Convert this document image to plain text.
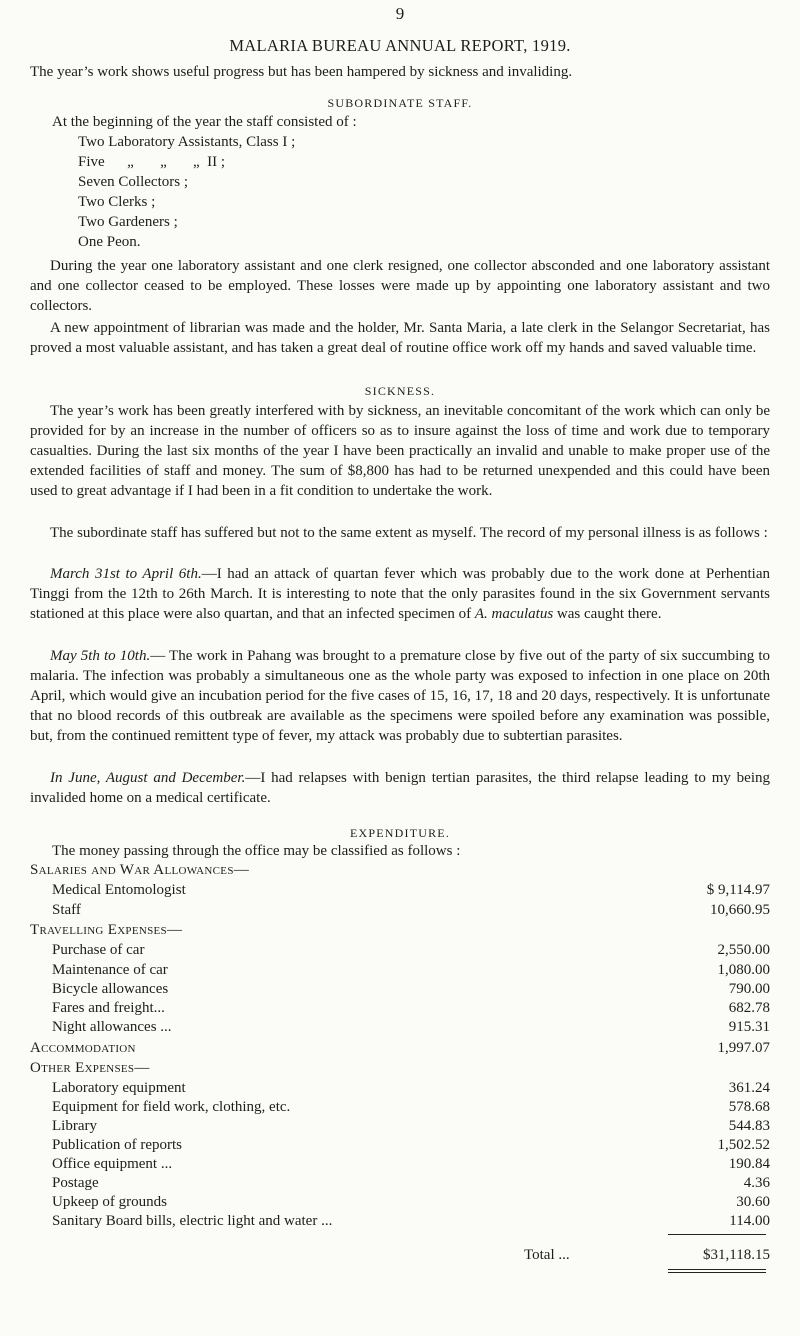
9
MALARIA BUREAU ANNUAL REPORT, 1919.
The year’s work shows useful progress but has been hampered by sickness and invaliding.
SUBORDINATE STAFF.
At the beginning of the year the staff consisted of :
Two Laboratory Assistants, Class I ;
Five      „       „       „  II ;
Seven Collectors ;
Two Clerks ;
Two Gardeners ;
One Peon.
During the year one laboratory assistant and one clerk resigned, one collector absconded and one laboratory assistant and one collector ceased to be employed. These losses were made up by appointing one laboratory assistant and two collectors.
A new appointment of librarian was made and the holder, Mr. Santa Maria, a late clerk in the Selangor Secretariat, has proved a most valuable assistant, and has taken a great deal of routine office work off my hands and saved valuable time.
SICKNESS.
The year’s work has been greatly interfered with by sickness, an inevitable concomitant of the work which can only be provided for by an increase in the number of officers so as to insure against the loss of time and work due to temporary casualties. During the last six months of the year I have been practically an invalid and unable to make proper use of the extended facilities of staff and money. The sum of $8,800 has had to be returned unexpended and this could have been used to great advantage if I had been in a fit condition to undertake the work.
The subordinate staff has suffered but not to the same extent as myself. The record of my personal illness is as follows :
March 31st to April 6th.—I had an attack of quartan fever which was probably due to the work done at Perhentian Tinggi from the 12th to 26th March. It is interesting to note that the only parasites found in the six Government servants stationed at this place were also quartan, and that an infected specimen of A. maculatus was caught there.
May 5th to 10th.— The work in Pahang was brought to a premature close by five out of the party of six succumbing to malaria. The infection was probably a simultaneous one as the whole party was exposed to infection in one place on 20th April, which would give an incubation period for the five cases of 15, 16, 17, 18 and 20 days, respectively. It is unfortunate that no blood records of this outbreak are available as the specimens were spoiled before any examination was possible, but, from the continued remittent type of fever, my attack was probably due to subtertian parasites.
In June, August and December.—I had relapses with benign tertian parasites, the third relapse leading to my being invalided home on a medical certificate.
EXPENDITURE.
The money passing through the office may be classified as follows :
Salaries and War Allowances—
Medical Entomologist	$ 9,114.97
Staff	10,660.95
Travelling Expenses—
Purchase of car	2,550.00
Maintenance of car	1,080.00
Bicycle allowances	790.00
Fares and freight...	682.78
Night allowances ...	915.31
Accommodation	1,997.07
Other Expenses—
Laboratory equipment	361.24
Equipment for field work, clothing, etc.	578.68
Library	544.83
Publication of reports	1,502.52
Office equipment ...	190.84
Postage	4.36
Upkeep of grounds	30.60
Sanitary Board bills, electric light and water ...	114.00
Total ...	$31,118.15
